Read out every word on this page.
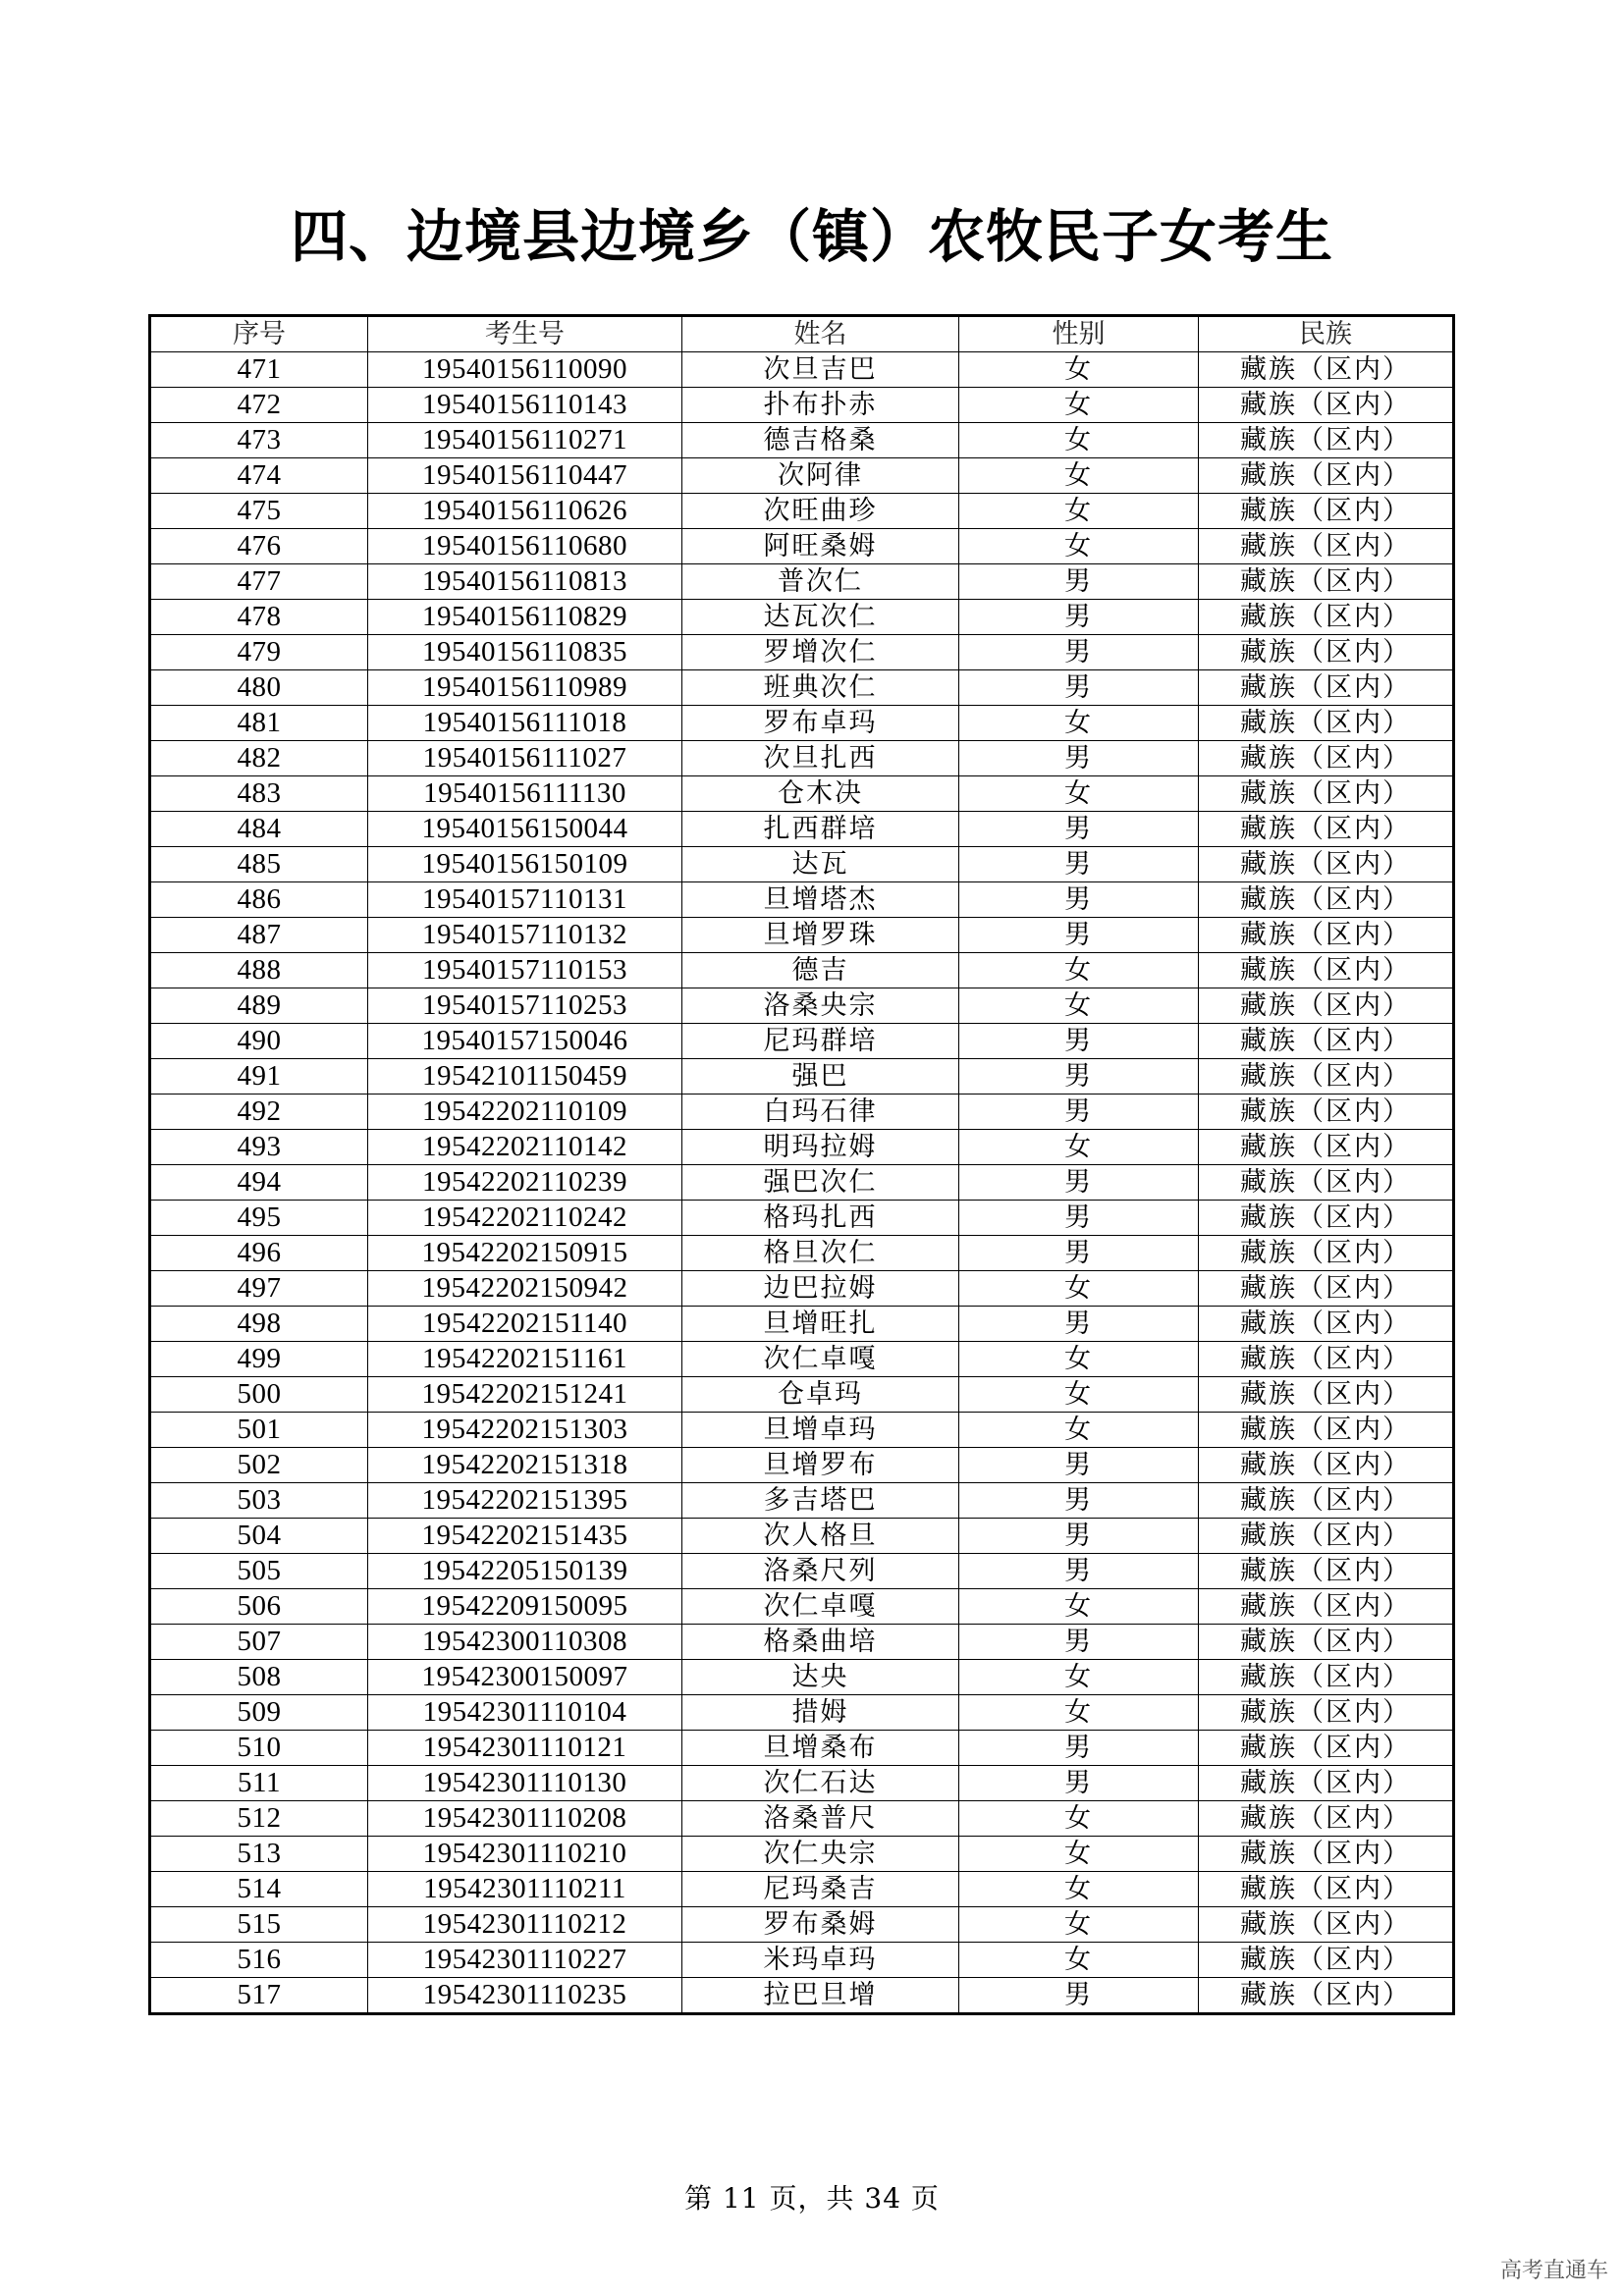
四、边境县边境乡（镇）农牧民子女考生
序号	考生号	姓名	性别	民族
471	19540156110090	次旦吉巴	女	藏族（区内）
472	19540156110143	扑布扑赤	女	藏族（区内）
473	19540156110271	德吉格桑	女	藏族（区内）
474	19540156110447	次阿律	女	藏族（区内）
475	19540156110626	次旺曲珍	女	藏族（区内）
476	19540156110680	阿旺桑姆	女	藏族（区内）
477	19540156110813	普次仁	男	藏族（区内）
478	19540156110829	达瓦次仁	男	藏族（区内）
479	19540156110835	罗增次仁	男	藏族（区内）
480	19540156110989	班典次仁	男	藏族（区内）
481	19540156111018	罗布卓玛	女	藏族（区内）
482	19540156111027	次旦扎西	男	藏族（区内）
483	19540156111130	仓木决	女	藏族（区内）
484	19540156150044	扎西群培	男	藏族（区内）
485	19540156150109	达瓦	男	藏族（区内）
486	19540157110131	旦增塔杰	男	藏族（区内）
487	19540157110132	旦增罗珠	男	藏族（区内）
488	19540157110153	德吉	女	藏族（区内）
489	19540157110253	洛桑央宗	女	藏族（区内）
490	19540157150046	尼玛群培	男	藏族（区内）
491	19542101150459	强巴	男	藏族（区内）
492	19542202110109	白玛石律	男	藏族（区内）
493	19542202110142	明玛拉姆	女	藏族（区内）
494	19542202110239	强巴次仁	男	藏族（区内）
495	19542202110242	格玛扎西	男	藏族（区内）
496	19542202150915	格旦次仁	男	藏族（区内）
497	19542202150942	边巴拉姆	女	藏族（区内）
498	19542202151140	旦增旺扎	男	藏族（区内）
499	19542202151161	次仁卓嘎	女	藏族（区内）
500	19542202151241	仓卓玛	女	藏族（区内）
501	19542202151303	旦增卓玛	女	藏族（区内）
502	19542202151318	旦增罗布	男	藏族（区内）
503	19542202151395	多吉塔巴	男	藏族（区内）
504	19542202151435	次人格旦	男	藏族（区内）
505	19542205150139	洛桑尺列	男	藏族（区内）
506	19542209150095	次仁卓嘎	女	藏族（区内）
507	19542300110308	格桑曲培	男	藏族（区内）
508	19542300150097	达央	女	藏族（区内）
509	19542301110104	措姆	女	藏族（区内）
510	19542301110121	旦增桑布	男	藏族（区内）
511	19542301110130	次仁石达	男	藏族（区内）
512	19542301110208	洛桑普尺	女	藏族（区内）
513	19542301110210	次仁央宗	女	藏族（区内）
514	19542301110211	尼玛桑吉	女	藏族（区内）
515	19542301110212	罗布桑姆	女	藏族（区内）
516	19542301110227	米玛卓玛	女	藏族（区内）
517	19542301110235	拉巴旦增	男	藏族（区内）
第 11 页，共 34 页
高考直通车
